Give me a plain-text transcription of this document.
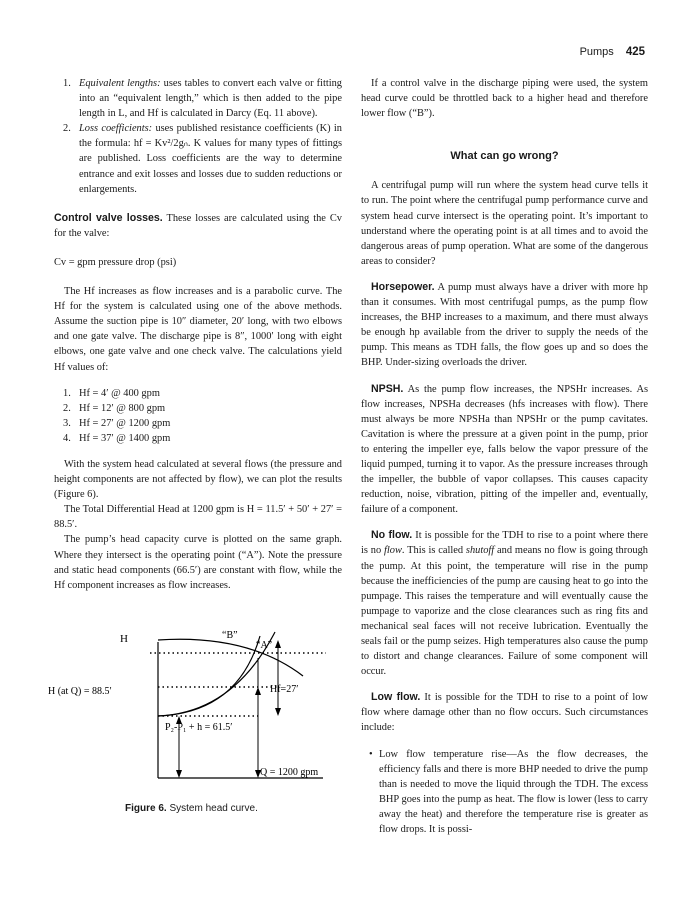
Pumps 425
1. Equivalent lengths: uses tables to convert each valve or fitting into an “equivalent length,” which is then added to the pipe length in L, and Hf is calculated in Darcy (Eq. 11 above).
2. Loss coefficients: uses published resistance coefficients (K) in the formula: hf = Kv²/2gₙ. K values for many types of fittings are published. Loss coefficients are the way to determine entrance and exit losses and losses due to sudden reductions or enlargements.

Control valve losses. These losses are calculated using the Cv for the valve:

Cv = gpm pressure drop (psi)

The Hf increases as flow increases and is a parabolic curve. The Hf for the system is calculated using one of the above methods. Assume the suction pipe is 10″ diameter, 20′ long, with two elbows and one gate valve. The discharge pipe is 8″, 1000′ long with eight elbows, one gate valve and one check valve. The calculations yield Hf values of:

1. Hf = 4′ @ 400 gpm
2. Hf = 12′ @ 800 gpm
3. Hf = 27′ @ 1200 gpm
4. Hf = 37′ @ 1400 gpm

With the system head calculated at several flows (the pressure and height components are not affected by flow), we can plot the results (Figure 6).

The Total Differential Head at 1200 gpm is H = 11.5′ + 50′ + 27′ = 88.5′.

The pump’s head capacity curve is plotted on the same graph. Where they intersect is the operating point (“A”). Note the pressure and static head components (66.5′) are constant with flow, while the Hf component increases as flow increases.

H	“B”
“A”
H (at Q) = 88.5′	Hf=27′
P₂-P₁ + h = 61.5′
Q = 1200 gpm
Figure 6. System head curve.

If a control valve in the discharge piping were used, the system head curve could be throttled back to a higher head and therefore lower flow (“B”).

What can go wrong?

A centrifugal pump will run where the system head curve tells it to run. The point where the centrifugal pump performance curve and system head curve intersect is the operating point. It’s important to understand where the operating point is at all times and to avoid the dangerous areas of pump operation. What are some of the dangerous areas to consider?

Horsepower. A pump must always have a driver with more hp than it consumes. With most centrifugal pumps, as the pump flow increases, the BHP increases to a maximum, and there must always be enough hp available from the driver to supply the needs of the pump. This means as TDH falls, the flow goes up and so does the BHP. Under-sizing overloads the driver.

NPSH. As the pump flow increases, the NPSHr increases. As flow increases, NPSHa decreases (hfs increases with flow). There must always be more NPSHa than NPSHr or the pump cavitates. Cavitation is where the pressure at a given point in the pump, prior to entering the impeller eye, falls below the vapor pressure of the liquid pumped, turning it to vapor. As the pressure increases through the impeller, the bubble of vapor collapses. This causes capacity reduction, noise, vibration, pitting of the impeller and, eventually, failure of a component.

No flow. It is possible for the TDH to rise to a point where there is no flow. This is called shutoff and means no flow is going through the pump. At this point, the temperature will rise in the pump because the inefficiencies of the pump are causing heat to go into the pumpage. This raises the temperature and will eventually cause the pumpage to vaporize and the close clearances such as ring fits and mechanical seal faces will not receive lubrication. Eventually the seals fail or the pump seizes. High temperatures also cause the pump to distort and change clearances. Failure of some component will occur.

Low flow. It is possible for the TDH to rise to a point of low flow where damage other than no flow occurs. Such circumstances include:

• Low flow temperature rise—As the flow decreases, the efficiency falls and there is more BHP needed to drive the pump than is needed to move the liquid through the TDH. The excess BHP goes into the pump as heat. The flow is lower (less to carry away the heat) and therefore the temperature rise is greater as flow drops. It is possi-
